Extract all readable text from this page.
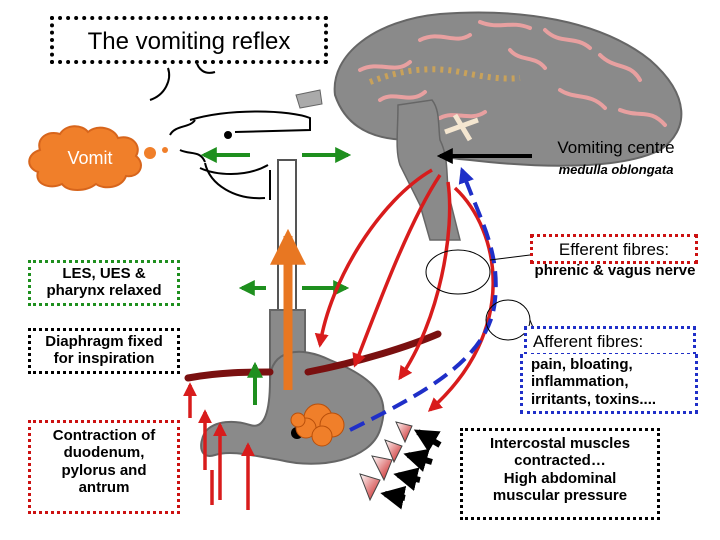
The vomiting reflex
Vomit
Vomiting centre
medulla oblongata
Efferent fibres:
phrenic & vagus nerve
Afferent fibres:
pain, bloating, inflammation, irritants, toxins....
LES, UES & pharynx relaxed
Diaphragm fixed for inspiration
Contraction of duodenum, pylorus and antrum
Intercostal muscles contracted…
High abdominal muscular pressure
